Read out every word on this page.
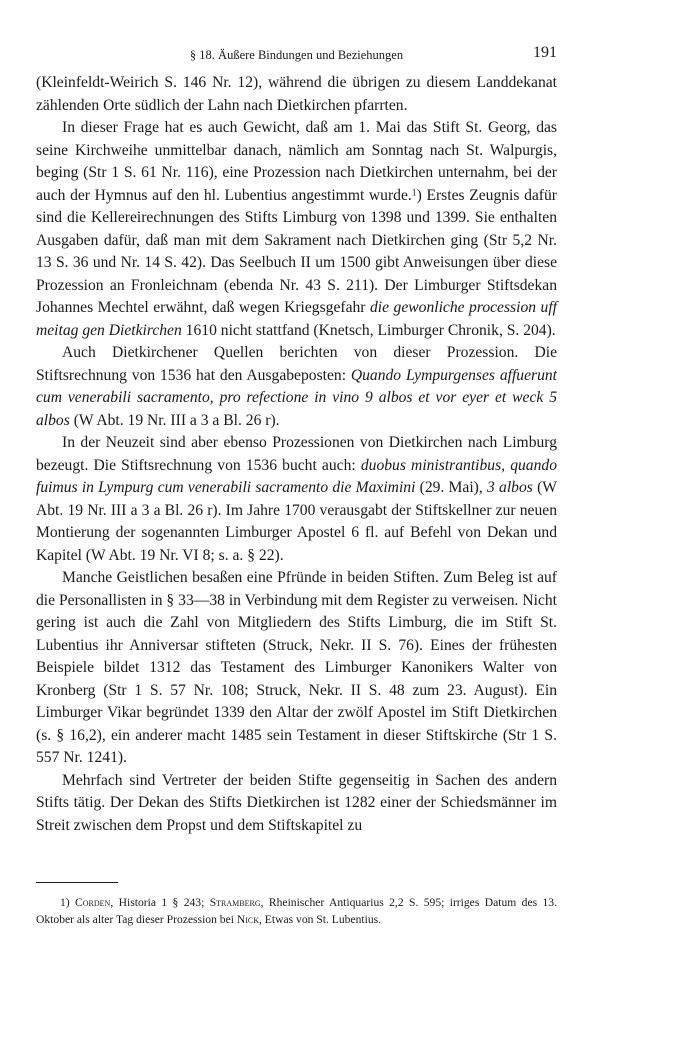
§ 18. Äußere Bindungen und Beziehungen	191

(Kleinfeldt-Weirich S. 146 Nr. 12), während die übrigen zu diesem Landdekanat zählenden Orte südlich der Lahn nach Dietkirchen pfarrten.

In dieser Frage hat es auch Gewicht, daß am 1. Mai das Stift St. Georg, das seine Kirchweihe unmittelbar danach, nämlich am Sonntag nach St. Walpurgis, beging (Str 1 S. 61 Nr. 116), eine Prozession nach Dietkirchen unternahm, bei der auch der Hymnus auf den hl. Lubentius angestimmt wurde.$^1$) Erstes Zeugnis dafür sind die Kellereirechnungen des Stifts Limburg von 1398 und 1399. Sie enthalten Ausgaben dafür, daß man mit dem Sakrament nach Dietkirchen ging (Str 5,2 Nr. 13 S. 36 und Nr. 14 S. 42). Das Seelbuch II um 1500 gibt Anweisungen über diese Prozession an Fronleichnam (ebenda Nr. 43 S. 211). Der Limburger Stiftsdekan Johannes Mechtel erwähnt, daß wegen Kriegsgefahr die gewonliche procession uff meitag gen Dietkirchen 1610 nicht stattfand (Knetsch, Limburger Chronik, S. 204).

Auch Dietkirchener Quellen berichten von dieser Prozession. Die Stiftsrechnung von 1536 hat den Ausgabeposten: Quando Lympurgenses affuerunt cum venerabili sacramento, pro refectione in vino 9 albos et vor eyer et weck 5 albos (W Abt. 19 Nr. III a 3 a Bl. 26 r).

In der Neuzeit sind aber ebenso Prozessionen von Dietkirchen nach Limburg bezeugt. Die Stiftsrechnung von 1536 bucht auch: duobus ministrantibus, quando fuimus in Lympurg cum venerabili sacramento die Maximini (29. Mai), 3 albos (W Abt. 19 Nr. III a 3 a Bl. 26 r). Im Jahre 1700 verausgabt der Stiftskellner zur neuen Montierung der sogenannten Limburger Apostel 6 fl. auf Befehl von Dekan und Kapitel (W Abt. 19 Nr. VI 8; s. a. § 22).

Manche Geistlichen besaßen eine Pfründe in beiden Stiften. Zum Beleg ist auf die Personallisten in § 33—38 in Verbindung mit dem Register zu verweisen. Nicht gering ist auch die Zahl von Mitgliedern des Stifts Limburg, die im Stift St. Lubentius ihr Anniversar stifteten (Struck, Nekr. II S. 76). Eines der frühesten Beispiele bildet 1312 das Testament des Limburger Kanonikers Walter von Kronberg (Str 1 S. 57 Nr. 108; Struck, Nekr. II S. 48 zum 23. August). Ein Limburger Vikar begründet 1339 den Altar der zwölf Apostel im Stift Dietkirchen (s. § 16,2), ein anderer macht 1485 sein Testament in dieser Stiftskirche (Str 1 S. 557 Nr. 1241).

Mehrfach sind Vertreter der beiden Stifte gegenseitig in Sachen des andern Stifts tätig. Der Dekan des Stifts Dietkirchen ist 1282 einer der Schiedsmänner im Streit zwischen dem Propst und dem Stiftskapitel zu

1) Corden, Historia 1 § 243; Stramberg, Rheinischer Antiquarius 2,2 S. 595; irriges Datum des 13. Oktober als alter Tag dieser Prozession bei Nick, Etwas von St. Lubentius.
